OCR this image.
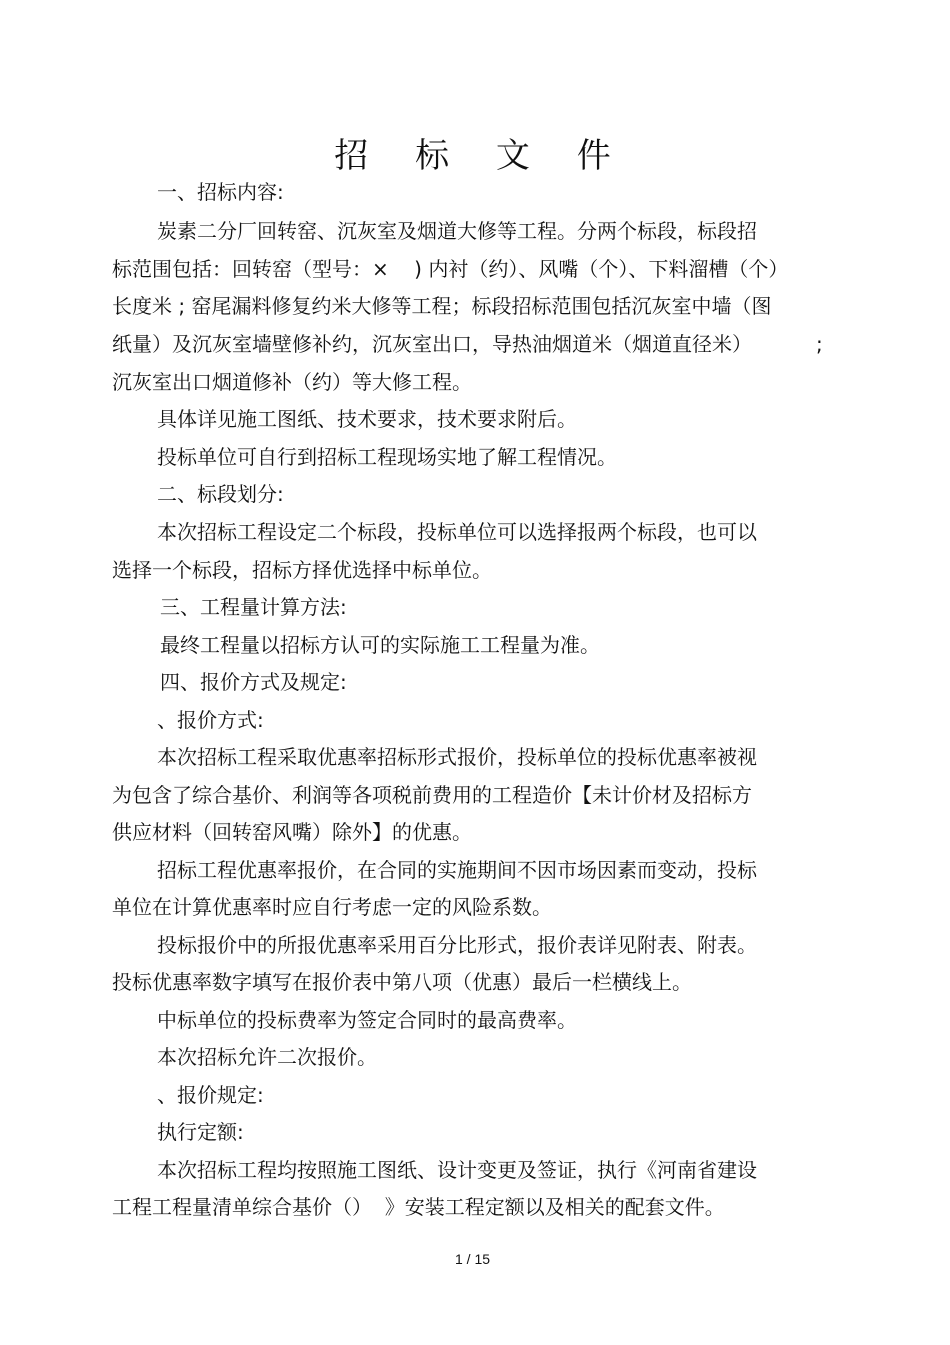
招 标 文 件
一、招标内容:
炭素二分厂回转窑、沉灰室及烟道大修等工程。分两个标段，标段招
标范围包括：回转窑（型号：×    ) 内衬（约）、风嘴（个）、下料溜槽（个）
长度米 ; 窑尾漏料修复约米大修等工程；标段招标范围包括沉灰室中墙（图
纸量）及沉灰室墙壁修补约，沉灰室出口，导热油烟道米（烟道直径米）	;
沉灰室出口烟道修补（约）等大修工程。
具体详见施工图纸、技术要求，技术要求附后。
投标单位可自行到招标工程现场实地了解工程情况。
二、标段划分:
本次招标工程设定二个标段，投标单位可以选择报两个标段，也可以
选择一个标段，招标方择优选择中标单位。
三、工程量计算方法:
最终工程量以招标方认可的实际施工工程量为准。
四、报价方式及规定:
、报价方式:
本次招标工程采取优惠率招标形式报价，投标单位的投标优惠率被视
为包含了综合基价、利润等各项税前费用的工程造价【未计价材及招标方
供应材料（回转窑风嘴）除外】的优惠。
招标工程优惠率报价，在合同的实施期间不因市场因素而变动，投标
单位在计算优惠率时应自行考虑一定的风险系数。
投标报价中的所报优惠率采用百分比形式，报价表详见附表、附表。
投标优惠率数字填写在报价表中第八项（优惠）最后一栏横线上。
中标单位的投标费率为签定合同时的最高费率。
本次招标允许二次报价。
、报价规定:
执行定额:
本次招标工程均按照施工图纸、设计变更及签证，执行《河南省建设
工程工程量清单综合基价（）  》安装工程定额以及相关的配套文件。
1 / 15
